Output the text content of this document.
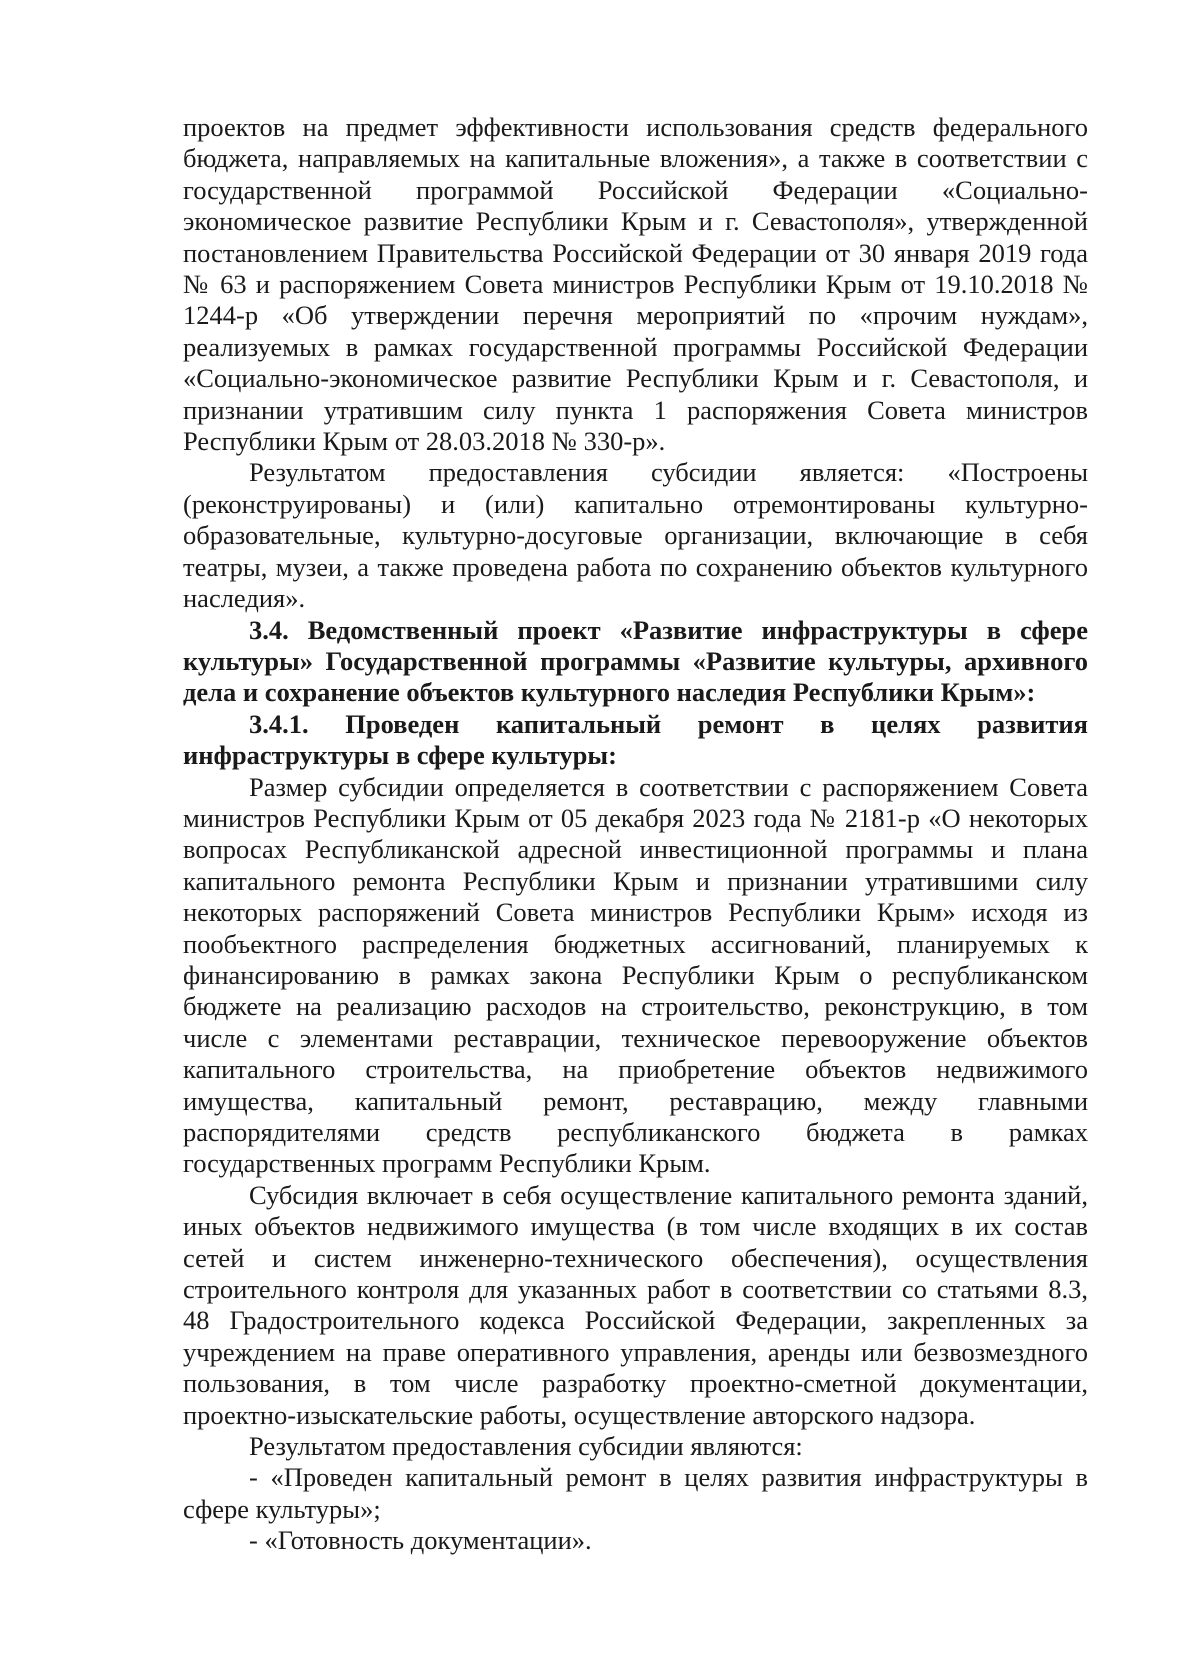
проектов на предмет эффективности использования средств федерального бюджета, направляемых на капитальные вложения», а также в соответствии с государственной программой Российской Федерации «Социально-экономическое развитие Республики Крым и г. Севастополя», утвержденной постановлением Правительства Российской Федерации от 30 января 2019 года № 63 и распоряжением Совета министров Республики Крым от 19.10.2018 № 1244-р «Об утверждении перечня мероприятий по «прочим нуждам», реализуемых в рамках государственной программы Российской Федерации «Социально-экономическое развитие Республики Крым и г. Севастополя, и признании утратившим силу пункта 1 распоряжения Совета министров Республики Крым от 28.03.2018 № 330-р».

Результатом предоставления субсидии является: «Построены (реконструированы) и (или) капитально отремонтированы культурно-образовательные, культурно-досуговые организации, включающие в себя театры, музеи, а также проведена работа по сохранению объектов культурного наследия».

3.4. Ведомственный проект «Развитие инфраструктуры в сфере культуры» Государственной программы «Развитие культуры, архивного дела и сохранение объектов культурного наследия Республики Крым»:

3.4.1. Проведен капитальный ремонт в целях развития инфраструктуры в сфере культуры:

Размер субсидии определяется в соответствии с распоряжением Совета министров Республики Крым от 05 декабря 2023 года № 2181-р «О некоторых вопросах Республиканской адресной инвестиционной программы и плана капитального ремонта Республики Крым и признании утратившими силу некоторых распоряжений Совета министров Республики Крым» исходя из пообъектного распределения бюджетных ассигнований, планируемых к финансированию в рамках закона Республики Крым о республиканском бюджете на реализацию расходов на строительство, реконструкцию, в том числе с элементами реставрации, техническое перевооружение объектов капитального строительства, на приобретение объектов недвижимого имущества, капитальный ремонт, реставрацию, между главными распорядителями средств республиканского бюджета в рамках государственных программ Республики Крым.

Субсидия включает в себя осуществление капитального ремонта зданий, иных объектов недвижимого имущества (в том числе входящих в их состав сетей и систем инженерно-технического обеспечения), осуществления строительного контроля для указанных работ в соответствии со статьями 8.3, 48 Градостроительного кодекса Российской Федерации, закрепленных за учреждением на праве оперативного управления, аренды или безвозмездного пользования, в том числе разработку проектно-сметной документации, проектно-изыскательские работы, осуществление авторского надзора.

Результатом предоставления субсидии являются:

- «Проведен капитальный ремонт в целях развития инфраструктуры в сфере культуры»;

- «Готовность документации».
